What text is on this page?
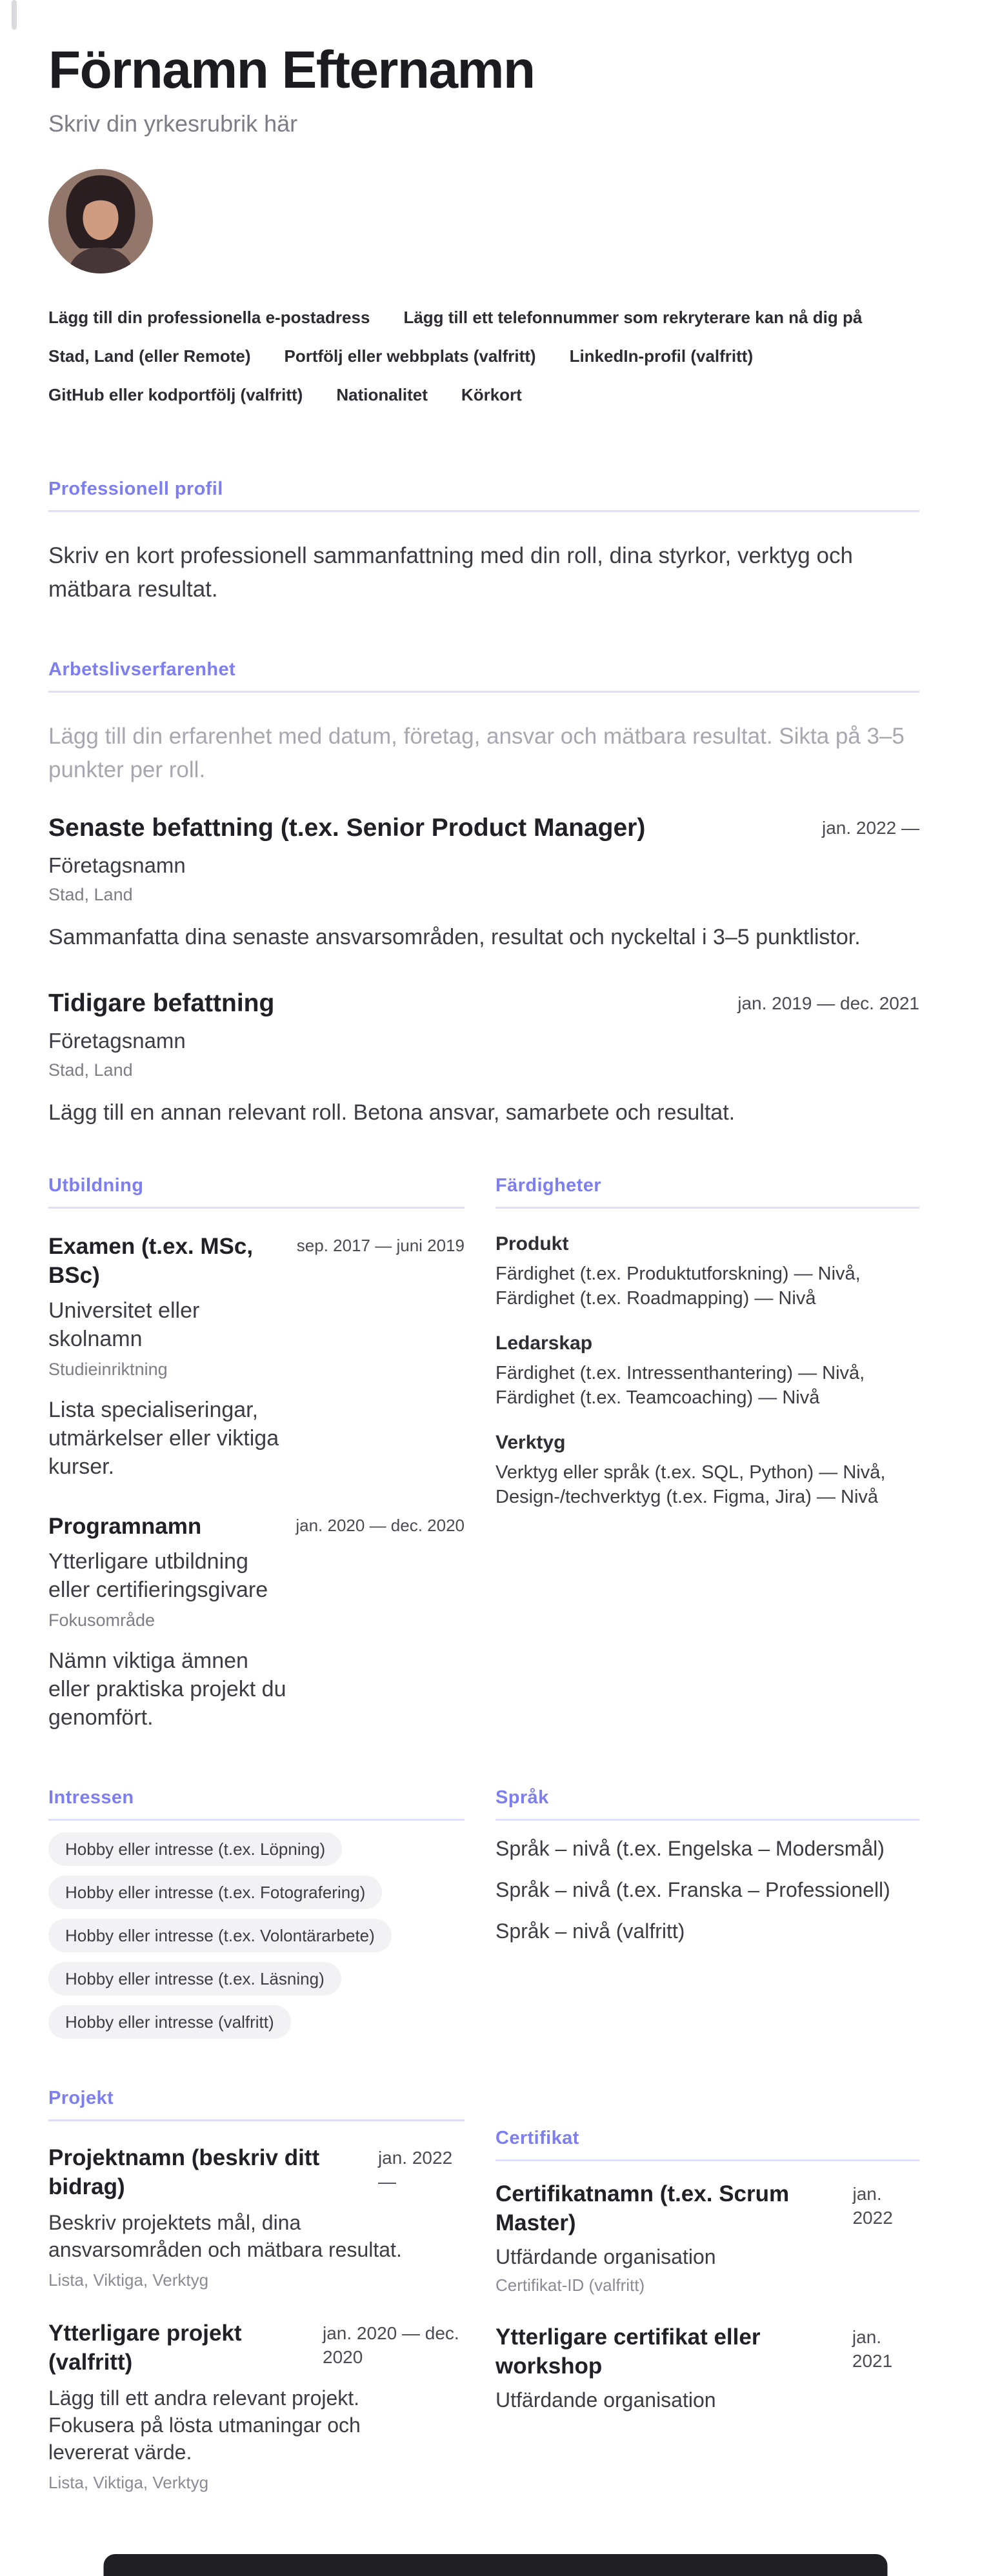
Förnamn Efternamn
Skriv din yrkesrubrik här
Lägg till din professionella e-postadress Lägg till ett telefonnummer som rekryterare kan nå dig på
Stad, Land (eller Remote) Portfölj eller webbplats (valfritt) LinkedIn-profil (valfritt)
GitHub eller kodportfölj (valfritt) Nationalitet Körkort
Professionell profil

Skriv en kort professionell sammanfattning med din roll, dina styrkor, verktyg och mätbara resultat.

Arbetslivserfarenhet

Lägg till din erfarenhet med datum, företag, ansvar och mätbara resultat. Sikta på 3–5 punkter per roll.

Senaste befattning (t.ex. Senior Product Manager)	jan. 2022 —
Företagsnamn
Stad, Land
Sammanfatta dina senaste ansvarsområden, resultat och nyckeltal i 3–5 punktlistor.
Tidigare befattning	jan. 2019 — dec. 2021
Företagsnamn
Stad, Land
Lägg till en annan relevant roll. Betona ansvar, samarbete och resultat.
Utbildning
Examen (t.ex. MSc, BSc)
sep. 2017 — juni 2019
Universitet eller skolnamn
Studieinriktning
Lista specialiseringar, utmärkelser eller viktiga kurser.
Programnamn	jan. 2020 — dec. 2020
Ytterligare utbildning eller certifieringsgivare
Fokusområde
Nämn viktiga ämnen eller praktiska projekt du genomfört.
Färdigheter
Produkt
Färdighet (t.ex. Produktutforskning) — Nivå, Färdighet (t.ex. Roadmapping) — Nivå
Ledarskap
Färdighet (t.ex. Intressenthantering) — Nivå, Färdighet (t.ex. Teamcoaching) — Nivå
Verktyg
Verktyg eller språk (t.ex. SQL, Python) — Nivå, Design-/techverktyg (t.ex. Figma, Jira) — Nivå
Intressen
Hobby eller intresse (t.ex. Löpning)
Hobby eller intresse (t.ex. Fotografering)
Hobby eller intresse (t.ex. Volontärarbete)
Hobby eller intresse (t.ex. Läsning)
Hobby eller intresse (valfritt)
Språk
Språk – nivå (t.ex. Engelska – Modersmål)
Språk – nivå (t.ex. Franska – Professionell)
Språk – nivå (valfritt)
Projekt
Projektnamn (beskriv ditt bidrag)
jan. 2022 —
Beskriv projektets mål, dina ansvarsområden och mätbara resultat.
Lista, Viktiga, Verktyg
Ytterligare projekt (valfritt)
jan. 2020 — dec. 2020
Lägg till ett andra relevant projekt. Fokusera på lösta utmaningar och levererat värde.
Lista, Viktiga, Verktyg
Certifikat
Certifikatnamn (t.ex. Scrum Master)
jan. 2022
Utfärdande organisation
Certifikat-ID (valfritt)
Ytterligare certifikat eller workshop
jan. 2021
Utfärdande organisation
